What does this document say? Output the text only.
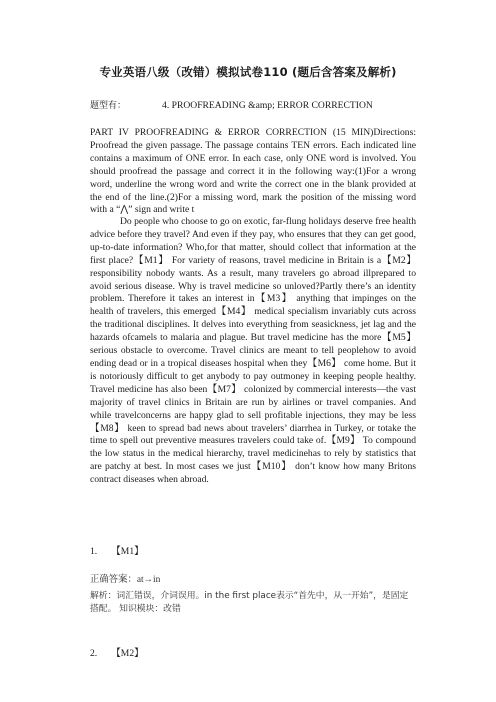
专业英语八级（改错）模拟试卷110 (题后含答案及解析)
题型有：	4. PROOFREADING &amp; ERROR CORRECTION

PART IV PROOFREADING & ERROR CORRECTION (15 MIN)Directions: Proofread the given passage. The passage contains TEN errors. Each indicated line contains a maximum of ONE error. In each case, only ONE word is involved. You should proofread the passage and correct it in the following way:(1)For a wrong word, underline the wrong word and write the correct one in the blank provided at the end of the line.(2)For a missing word, mark the position of the missing word with a “⋀” sign and write t

Do people who choose to go on exotic, far-flung holidays deserve free health advice before they travel? And even if they pay, who ensures that they can get good, up-to-date information? Who,for that matter, should collect that information at the first place?【M1】 For variety of reasons, travel medicine in Britain is a【M2】 responsibility nobody wants. As a result, many travelers go abroad illprepared to avoid serious disease. Why is travel medicine so unloved?Partly there’s an identity problem. Therefore it takes an interest in【M3】 anything that impinges on the health of travelers, this emerged【M4】 medical specialism invariably cuts across the traditional disciplines. It delves into everything from seasickness, jet lag and the hazards ofcamels to malaria and plague. But travel medicine has the more【M5】 serious obstacle to overcome. Travel clinics are meant to tell peoplehow to avoid ending dead or in a tropical diseases hospital when they【M6】 come home. But it is notoriously difficult to get anybody to pay outmoney in keeping people healthy. Travel medicine has also been【M7】 colonized by commercial interests—the vast majority of travel clinics in Britain are run by airlines or travel companies. And while travelconcerns are happy glad to sell profitable injections, they may be less【M8】 keen to spread bad news about travelers’ diarrhea in Turkey, or totake the time to spell out preventive measures travelers could take of.【M9】 To compound the low status in the medical hierarchy, travel medicinehas to rely by statistics that are patchy at best. In most cases we just【M10】 don’t know how many Britons contract diseases when abroad.

1. 【M1】
正确答案：at→in
解析：词汇错误，介词误用。in the first place表示“首先中，从一开始”，是固定搭配。 知识模块：改错
2. 【M2】
